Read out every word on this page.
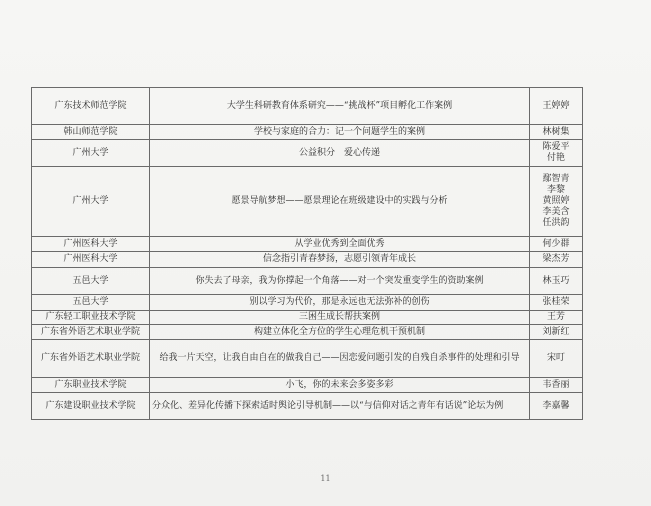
广东技术师范学院	大学生科研教育体系研究——“挑战杯”项目孵化工作案例	王婷婷
韩山师范学院	学校与家庭的合力：记一个问题学生的案例	林树集
广州大学	公益积分　爱心传递	陈爱平
付艳

广州大学	愿景导航梦想——愿景理论在班级建设中的实践与分析	鄢智青
李黎
黄照婷
李美含
任洪韵

广州医科大学	从学业优秀到全面优秀	何少群
广州医科大学	信念指引青春梦扬，志愿引领青年成长	梁杰芳
五邑大学	你失去了母亲，我为你撑起一个角落——对一个突发重变学生的资助案例	林玉巧
五邑大学	别以学习为代价，那是永远也无法弥补的创伤	张桂荣
广东轻工职业技术学院	三困生成长帮扶案例	王芳
广东省外语艺术职业学院	构建立体化全方位的学生心理危机干预机制	刘新红
广东省外语艺术职业学院	给我一片天空，让我自由自在的做我自己——因恋爱问题引发的自残自杀事件的处理和引导	宋叮
广东职业技术学院	小飞，你的未来会多姿多彩	韦香丽
广东建设职业技术学院	分众化、差异化传播下探索适时舆论引导机制——以“与信仰对话之青年有话说”论坛为例	李嘉馨
11
